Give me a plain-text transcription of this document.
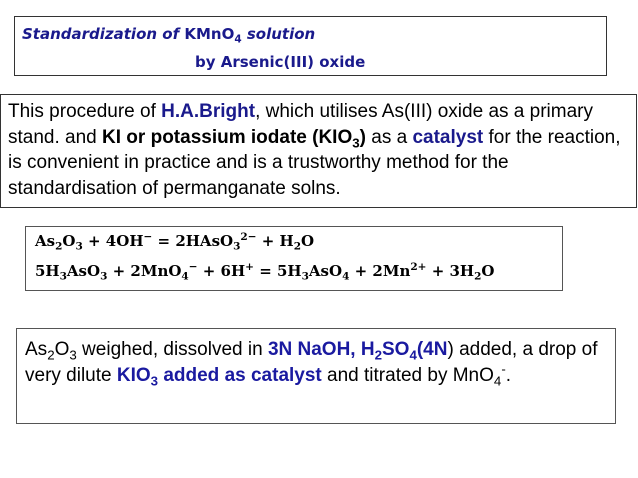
Standardization of KMnO$_4$ solution
by Arsenic(III) oxide

This procedure of H.A.Bright, which utilises As(III) oxide as a primary stand. and KI or potassium iodate $(KIO_3)$ as a catalyst for the reaction, is convenient in practice and is a trustworthy method for the standardisation of permanganate solns.

$As_2O_3 + 4OH^-$ = 2HAsO$_3^{2-}$ + $H_2O$
$5H_3AsO_3 + 2MnO_4^- + 6H^+ = 5H_3AsO_4 + 2Mn^{2+} + 3H_2O$

$As_2O_3$ weighed, dissolved in 3N NaOH, $H_2SO_4(4N)$ added, a drop of very dilute $KIO_3$ added as catalyst and titrated by MnO$_4$-.
